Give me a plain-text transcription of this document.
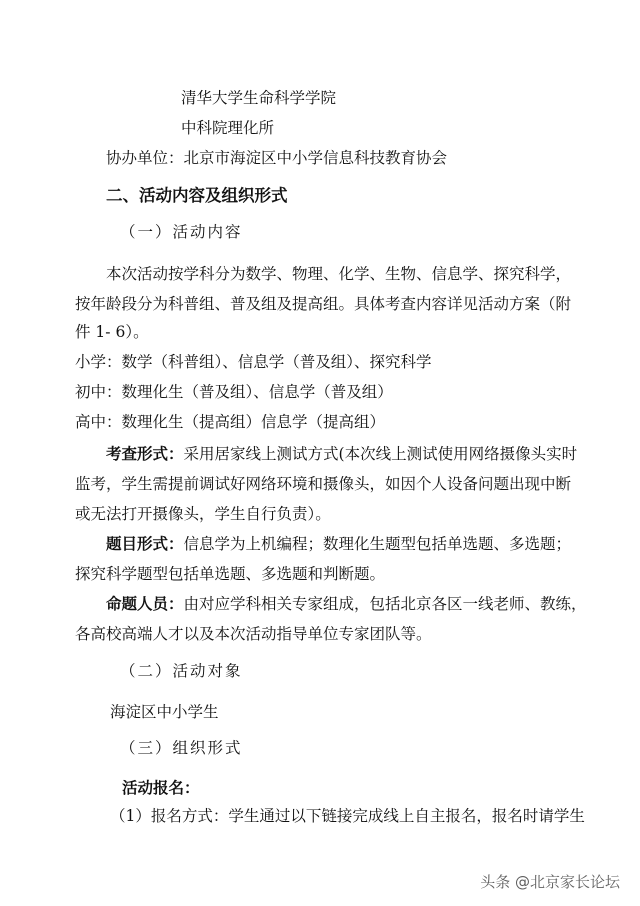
清华大学生命科学学院
中科院理化所
协办单位：北京市海淀区中小学信息科技教育协会
二、活动内容及组织形式
（一）活动内容
本次活动按学科分为数学、物理、化学、生物、信息学、探究科学，
按年龄段分为科普组、普及组及提高组。具体考查内容详见活动方案（附
件 1- 6）。
小学：数学（科普组）、信息学（普及组）、探究科学
初中：数理化生（普及组）、信息学（普及组）
高中：数理化生（提高组）信息学（提高组）
考查形式：采用居家线上测试方式(本次线上测试使用网络摄像头实时
监考，学生需提前调试好网络环境和摄像头，如因个人设备问题出现中断
或无法打开摄像头，学生自行负责）。
题目形式：信息学为上机编程；数理化生题型包括单选题、多选题；
探究科学题型包括单选题、多选题和判断题。
命题人员：由对应学科相关专家组成，包括北京各区一线老师、教练，
各高校高端人才以及本次活动指导单位专家团队等。
（二）活动对象
海淀区中小学生
（三）组织形式
活动报名：
（1）报名方式：学生通过以下链接完成线上自主报名，报名时请学生
头条 @北京家长论坛
